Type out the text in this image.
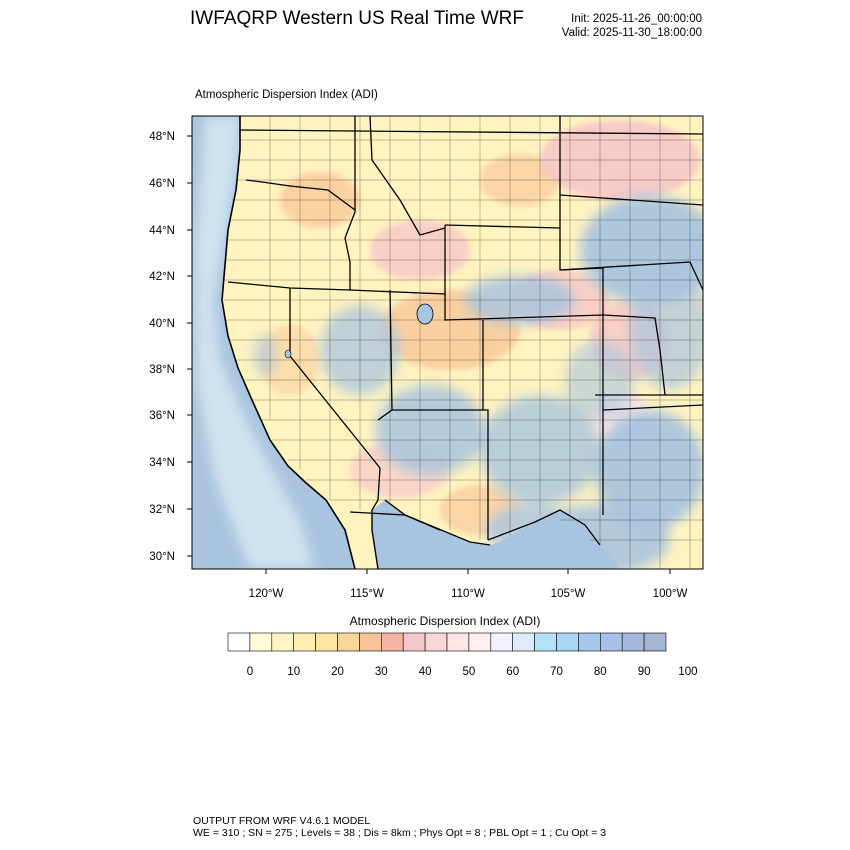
IWFAQRP Western US Real Time WRF	Init: 2025-11-26_00:00:00
Valid: 2025-11-30_18:00:00
Atmospheric Dispersion Index (ADI)
48°N
46°N
44°N
42°N
40°N
38°N
36°N
34°N
32°N
30°N
120°W	115°W	110°W	105°W	100°W
0	10	20	30	40	50	60	70	80	90 100
Atmospheric Dispersion Index (ADI)
OUTPUT FROM WRF V4.6.1 MODEL
WE = 310 ; SN = 275 ; Levels = 38 ; Dis = 8km ; Phys Opt = 8 ; PBL Opt = 1 ; Cu Opt = 3
